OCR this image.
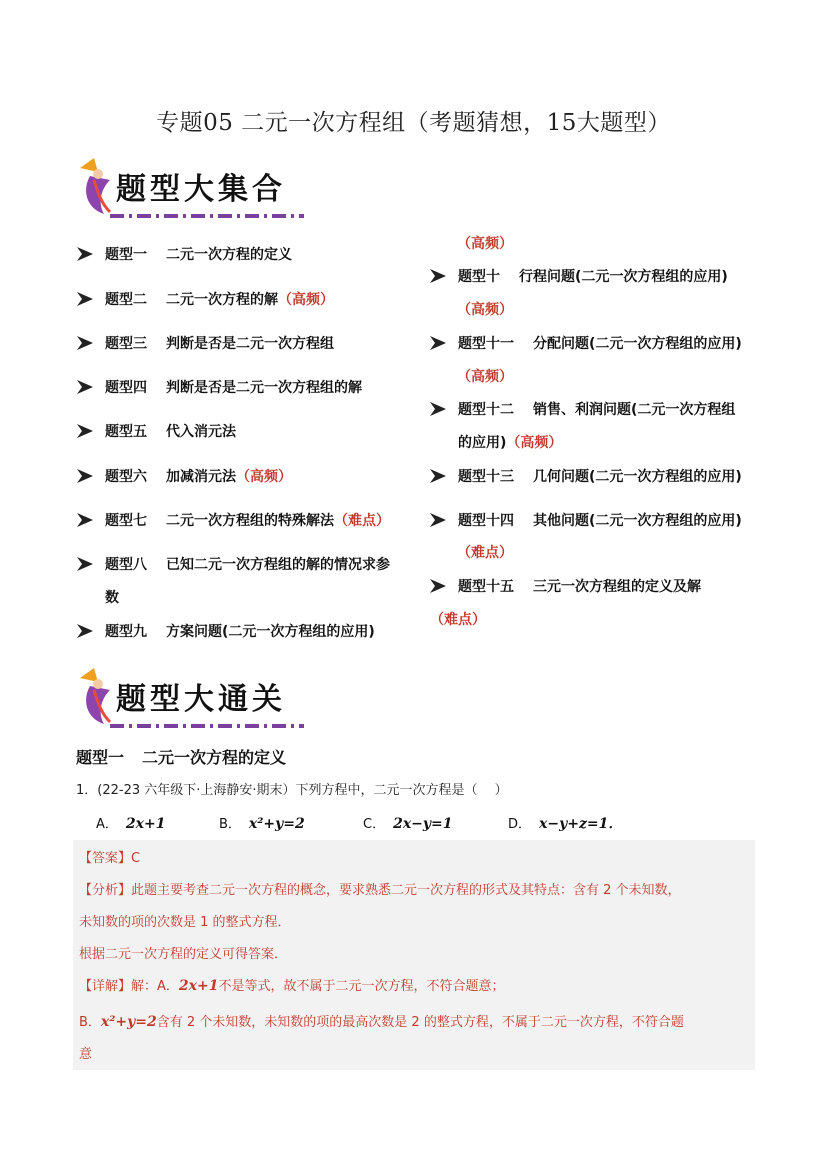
专题05 二元一次方程组（考题猜想，15大题型）
题型大集合
题型一 二元一次方程的定义
题型二 二元一次方程的解（高频）
题型三 判断是否是二元一次方程组
题型四 判断是否是二元一次方程组的解
题型五 代入消元法
题型六 加减消元法（高频）
题型七 二元一次方程组的特殊解法（难点）
题型八 已知二元一次方程组的解的情况求参
题型九 方案问题(二元一次方程组的应用)
数
题型十 行程问题(二元一次方程组的应用)
题型十一 分配问题(二元一次方程组的应用)
题型十二 销售、利润问题(二元一次方程组
题型十三 几何问题(二元一次方程组的应用)
题型十四 其他问题(二元一次方程组的应用)
题型十五 三元一次方程组的定义及解
（高频）
（高频）
（高频）
（难点）
（难点）
的应用)（高频）
题型大通关
题型一 二元一次方程的定义
1．(22-23 六年级下·上海静安·期末）下列方程中，二元一次方程是（　 ）
A． 2x+1	B． x²+y=2	C． 2x−y=1	D． x−y+z=1．
【答案】C
【分析】此题主要考查二元一次方程的概念，要求熟悉二元一次方程的形式及其特点：含有 2 个未知数，
未知数的项的次数是 1 的整式方程．
根据二元一次方程的定义可得答案．
【详解】解：A．2x+1不是等式，故不属于二元一次方程，不符合题意；
B．x²+y=2含有 2 个未知数，未知数的项的最高次数是 2 的整式方程，不属于二元一次方程，不符合题
意
